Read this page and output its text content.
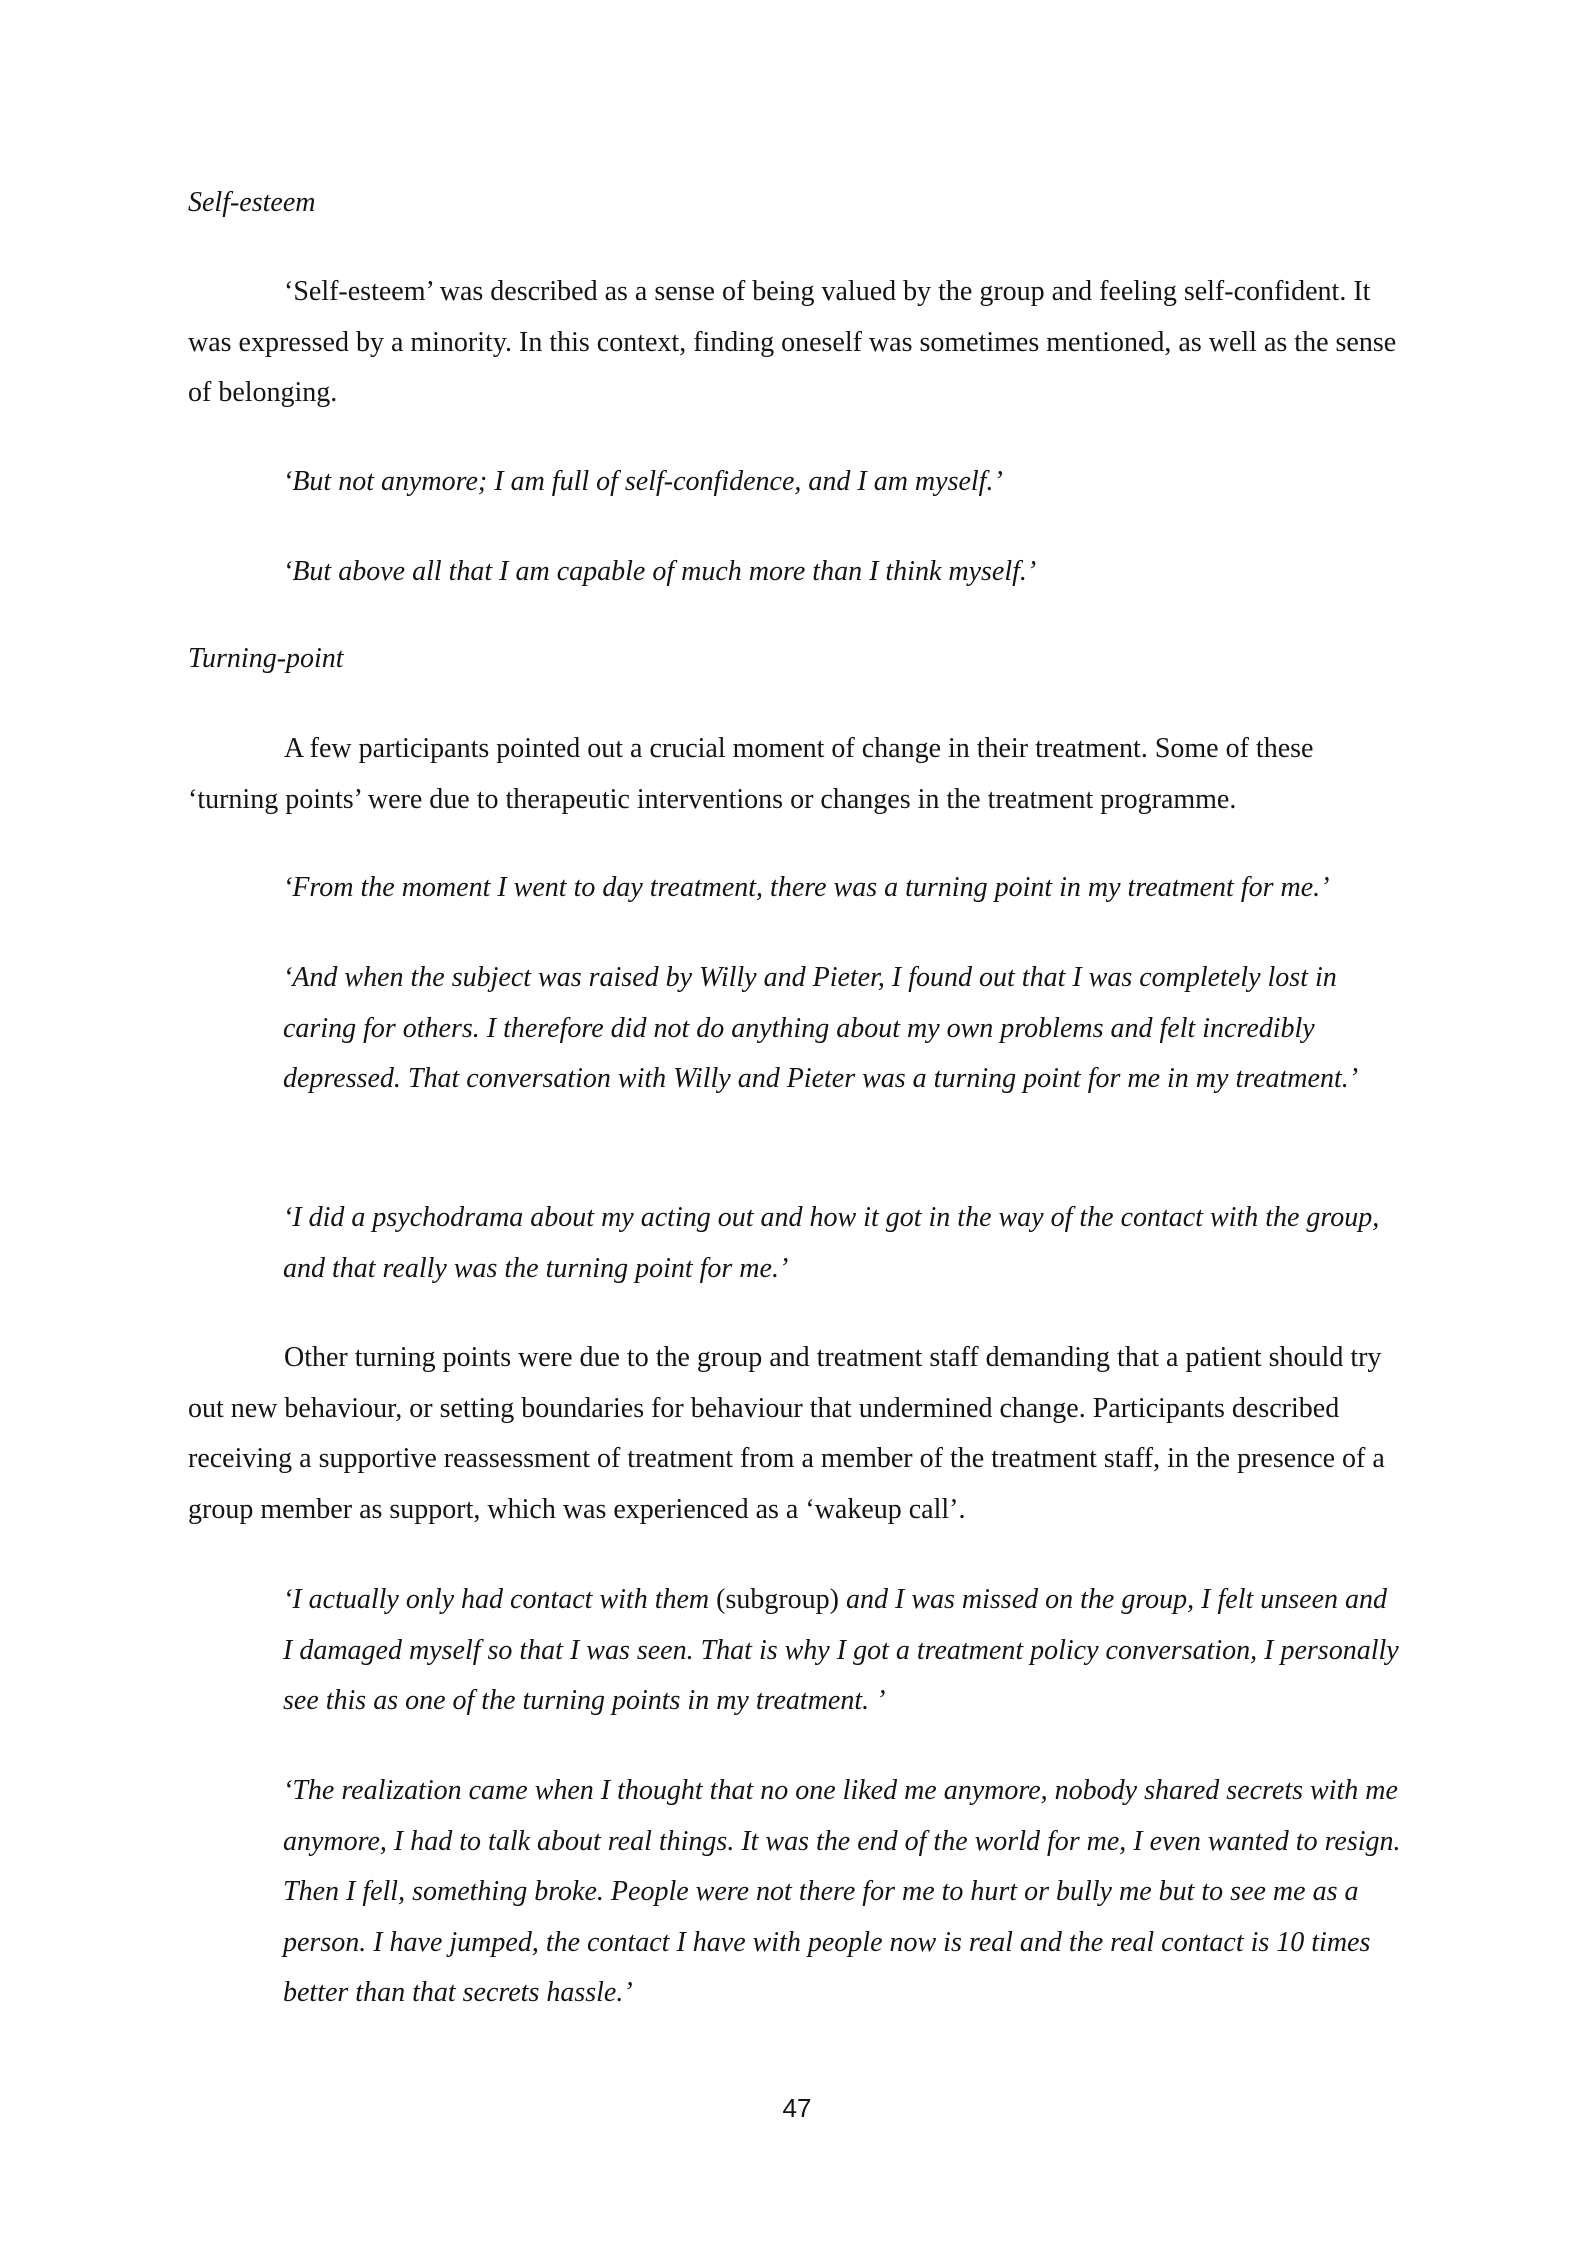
Self-esteem

‘Self-esteem’ was described as a sense of being valued by the group and feeling self-confident. It was expressed by a minority. In this context, finding oneself was sometimes mentioned, as well as the sense of belonging.

‘But not anymore; I am full of self-confidence, and I am myself.’

‘But above all that I am capable of much more than I think myself.’

Turning-point

A few participants pointed out a crucial moment of change in their treatment. Some of these ‘turning points’ were due to therapeutic interventions or changes in the treatment programme.

‘From the moment I went to day treatment, there was a turning point in my treatment for me.’

‘And when the subject was raised by Willy and Pieter, I found out that I was completely lost in caring for others. I therefore did not do anything about my own problems and felt incredibly depressed. That conversation with Willy and Pieter was a turning point for me in my treatment.’

‘I did a psychodrama about my acting out and how it got in the way of the contact with the group, and that really was the turning point for me.’

Other turning points were due to the group and treatment staff demanding that a patient should try out new behaviour, or setting boundaries for behaviour that undermined change. Participants described receiving a supportive reassessment of treatment from a member of the treatment staff, in the presence of a group member as support, which was experienced as a ‘wakeup call’.

‘I actually only had contact with them (subgroup) and I was missed on the group, I felt unseen and I damaged myself so that I was seen. That is why I got a treatment policy conversation, I personally see this as one of the turning points in my treatment. ’

‘The realization came when I thought that no one liked me anymore, nobody shared secrets with me anymore, I had to talk about real things. It was the end of the world for me, I even wanted to resign. Then I fell, something broke. People were not there for me to hurt or bully me but to see me as a person. I have jumped, the contact I have with people now is real and the real contact is 10 times better than that secrets hassle.’

47
